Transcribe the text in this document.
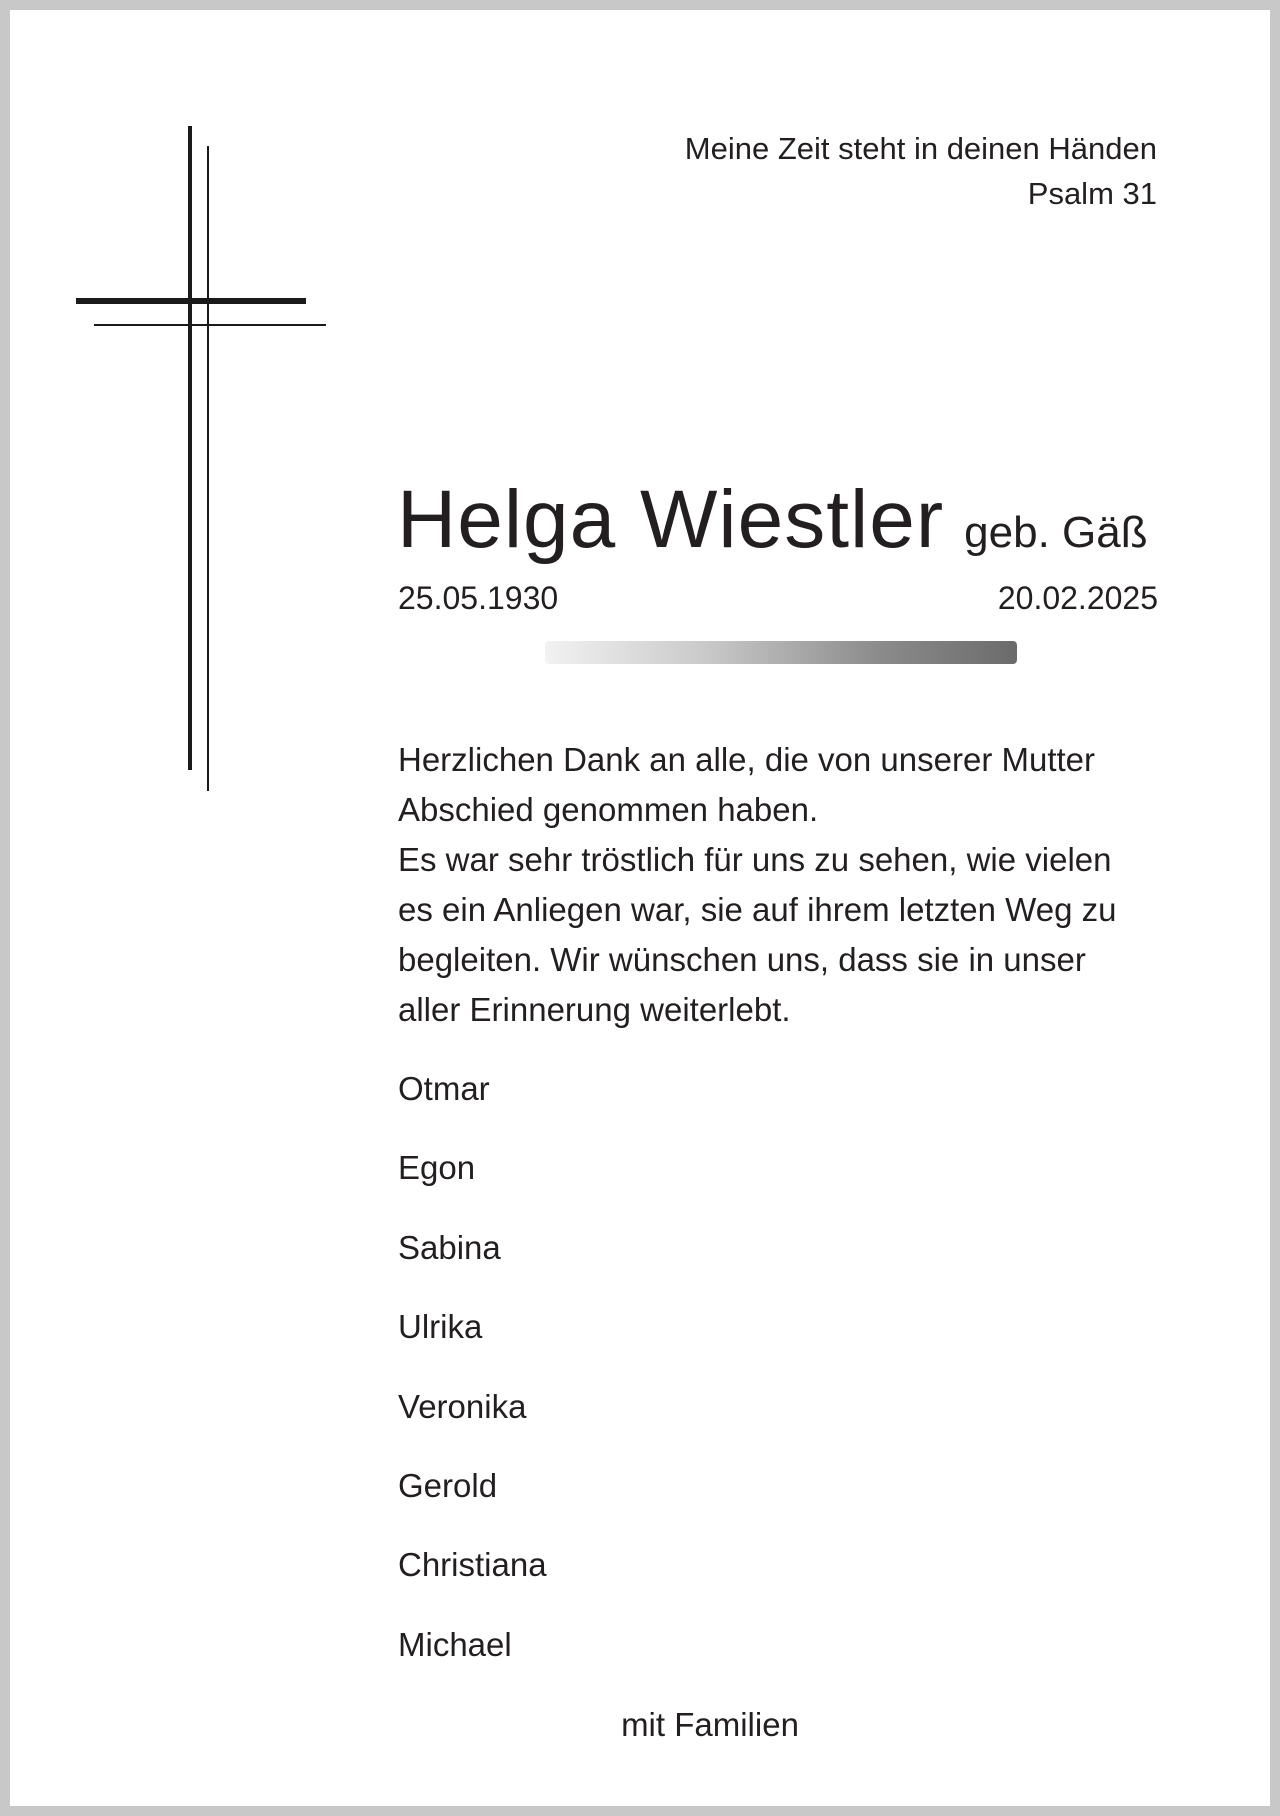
Meine Zeit steht in deinen Händen
Psalm 31
Helga Wiestler geb. Gäß
25.05.1930	20.02.2025
Herzlichen Dank an alle, die von unserer Mutter
Abschied genommen haben.
Es war sehr tröstlich für uns zu sehen, wie vielen
es ein Anliegen war, sie auf ihrem letzten Weg zu
begleiten. Wir wünschen uns, dass sie in unser
aller Erinnerung weiterlebt.
Otmar
Egon
Sabina
Ulrika
Veronika
Gerold
Christiana
Michael
mit Familien
